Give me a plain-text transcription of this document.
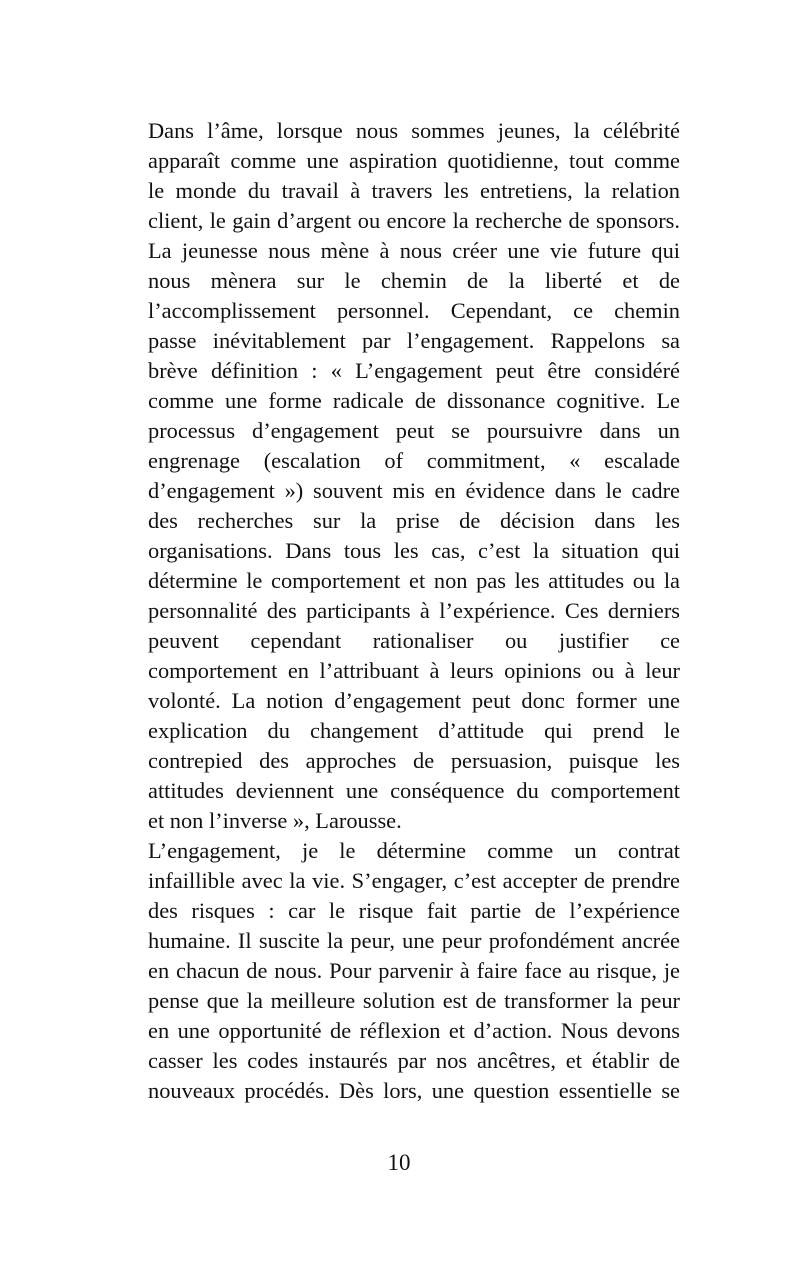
Dans l’âme, lorsque nous sommes jeunes, la célébrité
apparaît comme une aspiration quotidienne, tout comme
le monde du travail à travers les entretiens, la relation
client, le gain d’argent ou encore la recherche de sponsors.
La jeunesse nous mène à nous créer une vie future qui
nous mènera sur le chemin de la liberté et de
l’accomplissement personnel. Cependant, ce chemin
passe inévitablement par l’engagement. Rappelons sa
brève définition : « L’engagement peut être considéré
comme une forme radicale de dissonance cognitive. Le
processus d’engagement peut se poursuivre dans un
engrenage (escalation of commitment, « escalade
d’engagement ») souvent mis en évidence dans le cadre
des recherches sur la prise de décision dans les
organisations. Dans tous les cas, c’est la situation qui
détermine le comportement et non pas les attitudes ou la
personnalité des participants à l’expérience. Ces derniers
peuvent cependant rationaliser ou justifier ce
comportement en l’attribuant à leurs opinions ou à leur
volonté. La notion d’engagement peut donc former une
explication du changement d’attitude qui prend le
contrepied des approches de persuasion, puisque les
attitudes deviennent une conséquence du comportement
et non l’inverse », Larousse.
L’engagement, je le détermine comme un contrat
infaillible avec la vie. S’engager, c’est accepter de prendre
des risques : car le risque fait partie de l’expérience
humaine. Il suscite la peur, une peur profondément ancrée
en chacun de nous. Pour parvenir à faire face au risque, je
pense que la meilleure solution est de transformer la peur
en une opportunité de réflexion et d’action. Nous devons
casser les codes instaurés par nos ancêtres, et établir de
nouveaux procédés. Dès lors, une question essentielle se
10
